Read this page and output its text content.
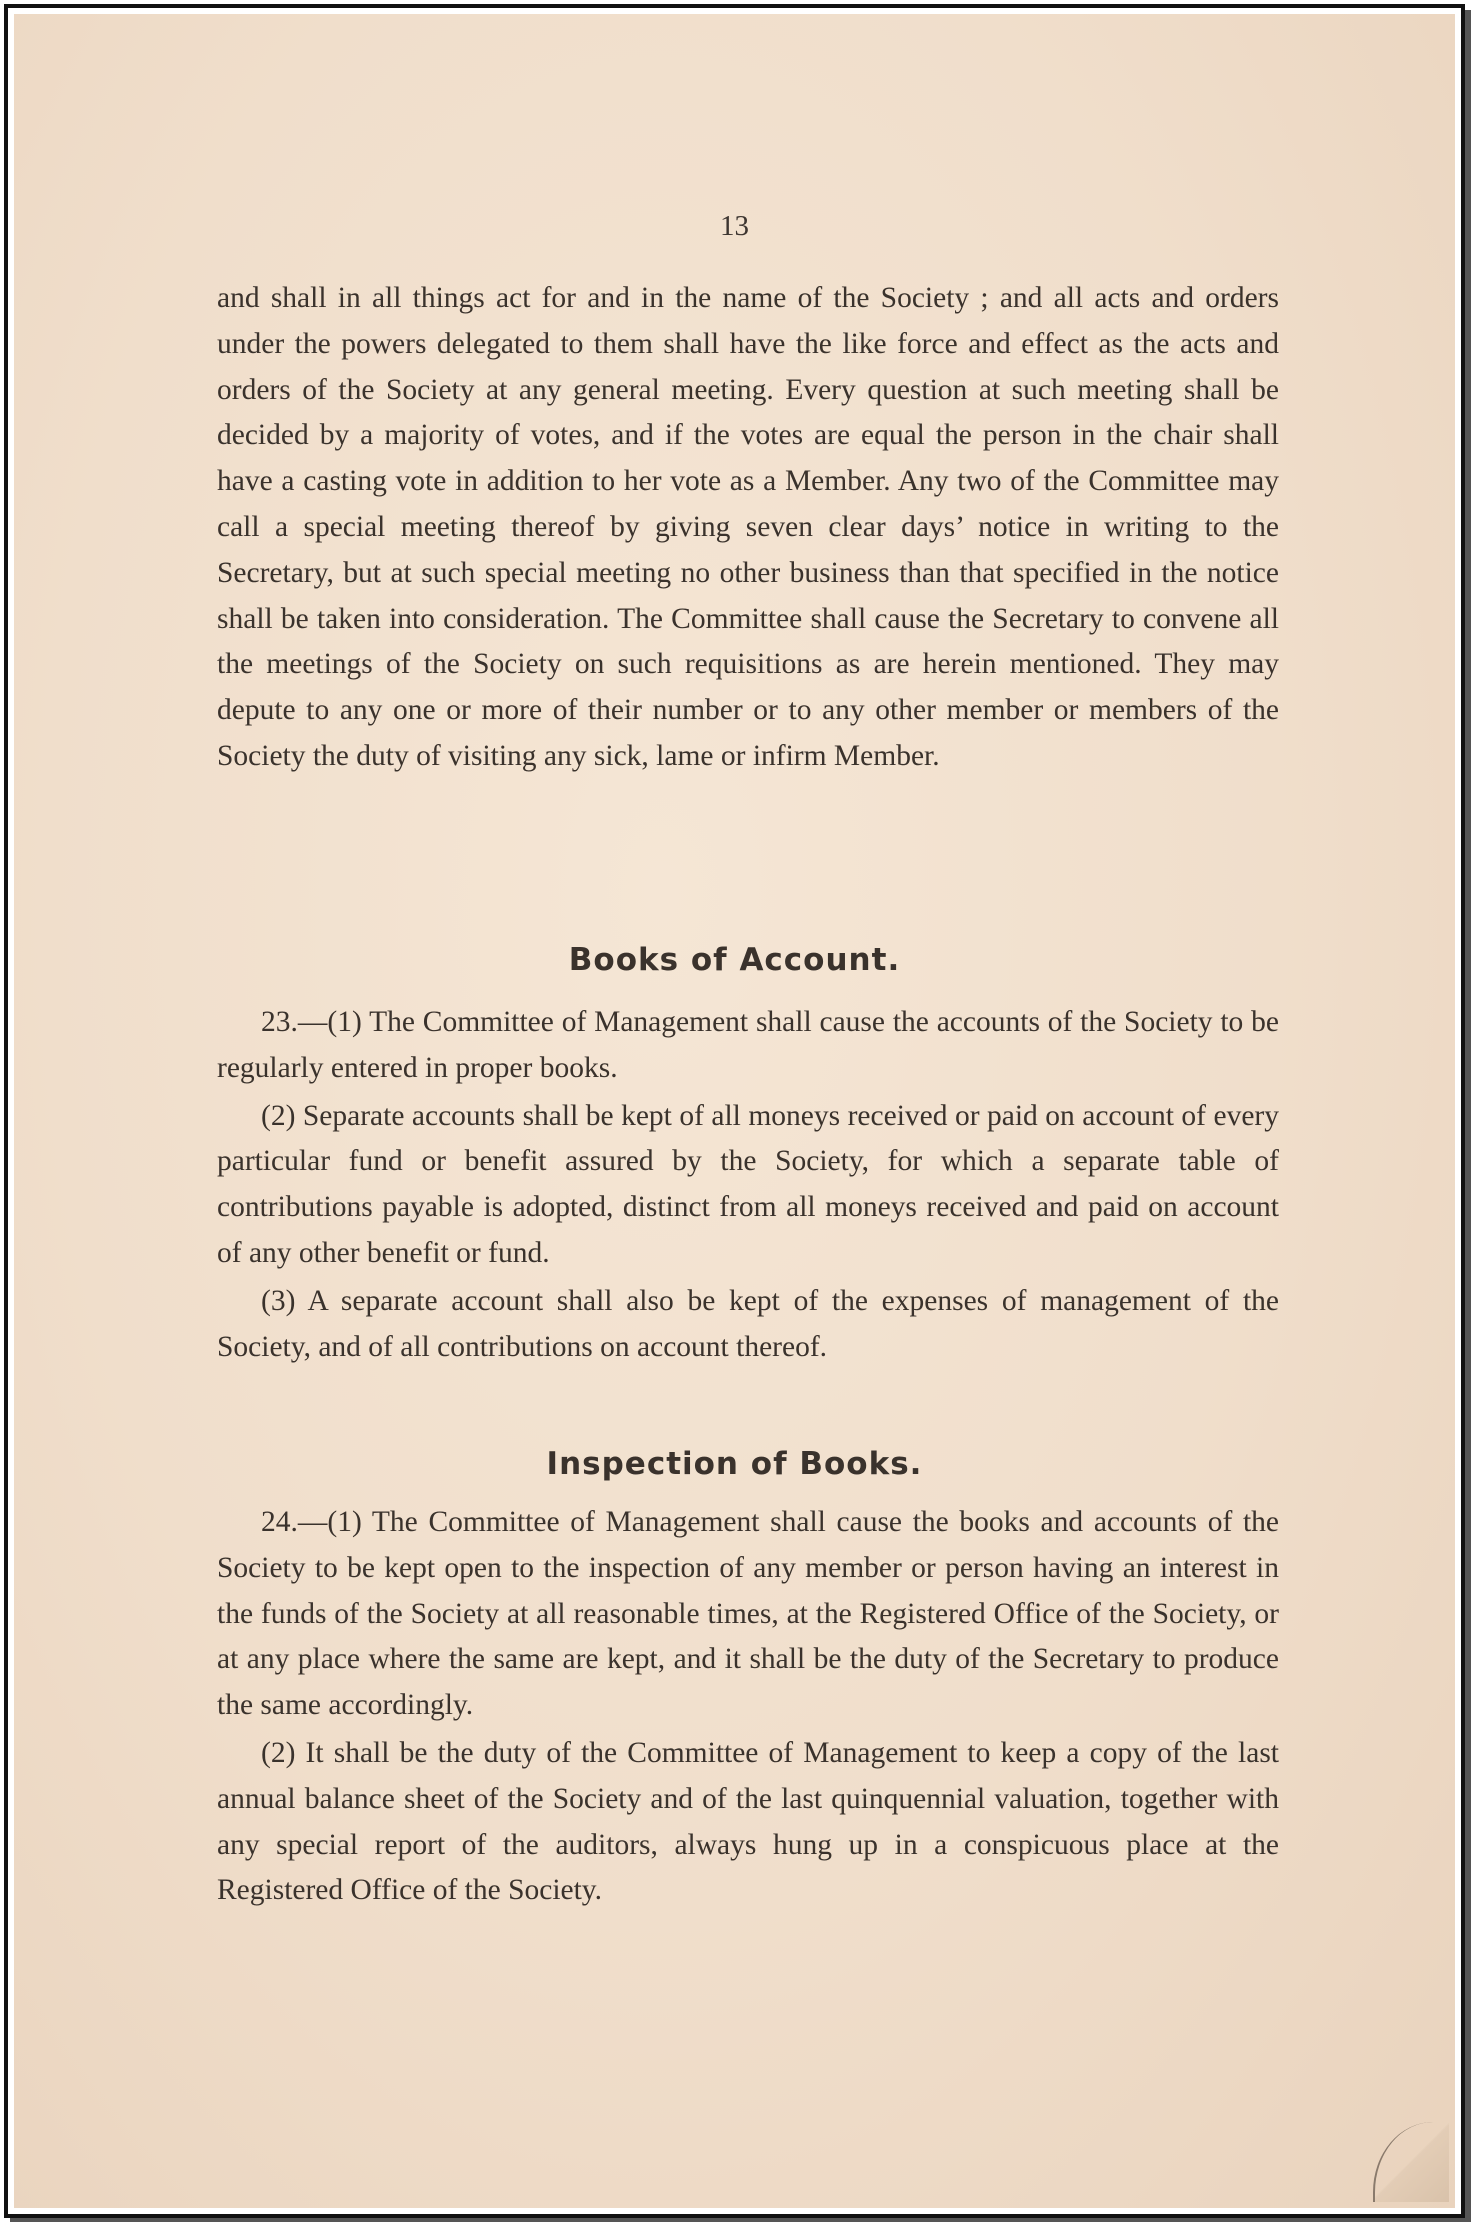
13

and shall in all things act for and in the name of the Society ; and all acts and orders under the powers delegated to them shall have the like force and effect as the acts and orders of the Society at any general meeting. Every question at such meeting shall be decided by a majority of votes, and if the votes are equal the person in the chair shall have a casting vote in addition to her vote as a Member. Any two of the Committee may call a special meeting thereof by giving seven clear days’ notice in writing to the Secretary, but at such special meeting no other business than that specified in the notice shall be taken into consideration. The Committee shall cause the Secretary to convene all the meetings of the Society on such requisitions as are herein mentioned. They may depute to any one or more of their number or to any other member or members of the Society the duty of visiting any sick, lame or infirm Member.

Books of Account.

23.—(1) The Committee of Management shall cause the accounts of the Society to be regularly entered in proper books.

(2) Separate accounts shall be kept of all moneys received or paid on account of every particular fund or benefit assured by the Society, for which a separate table of contributions payable is adopted, distinct from all moneys received and paid on account of any other benefit or fund.

(3) A separate account shall also be kept of the expenses of management of the Society, and of all contributions on account thereof.

Inspection of Books.

24.—(1) The Committee of Management shall cause the books and accounts of the Society to be kept open to the inspection of any member or person having an interest in the funds of the Society at all reasonable times, at the Registered Office of the Society, or at any place where the same are kept, and it shall be the duty of the Secretary to produce the same accordingly.

(2) It shall be the duty of the Committee of Management to keep a copy of the last annual balance sheet of the Society and of the last quinquennial valuation, together with any special report of the auditors, always hung up in a conspicuous place at the Registered Office of the Society.
